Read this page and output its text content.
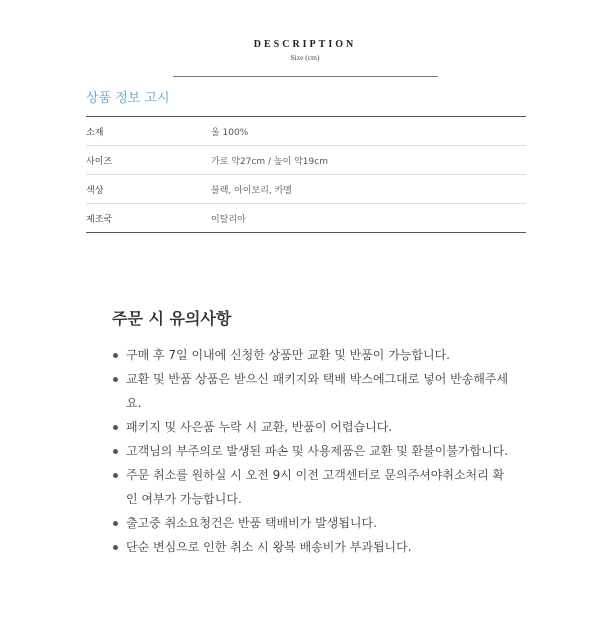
DESCRIPTION
Size (cm)
상품 정보 고시
소재	울 100%
사이즈	가로 약27cm / 높이 약19cm
색상	블랙, 아이보리, 카멜
제조국	이탈리아
주문 시 유의사항
구매 후 7일 이내에 신청한 상품만 교환 및 반품이 가능합니다.
교환 및 반품 상품은 받으신 패키지와 택배 박스에그대로 넣어 반송해주세요.
패키지 및 사은품 누락 시 교환, 반품이 어렵습니다.
고객님의 부주의로 발생된 파손 및 사용제품은 교환 및 환불이불가합니다.
주문 취소를 원하실 시 오전 9시 이전 고객센터로 문의주셔야취소처리 확인 여부가 가능합니다.
출고중 취소요청건은 반품 택배비가 발생됩니다.
단순 변심으로 인한 취소 시 왕복 배송비가 부과됩니다.
